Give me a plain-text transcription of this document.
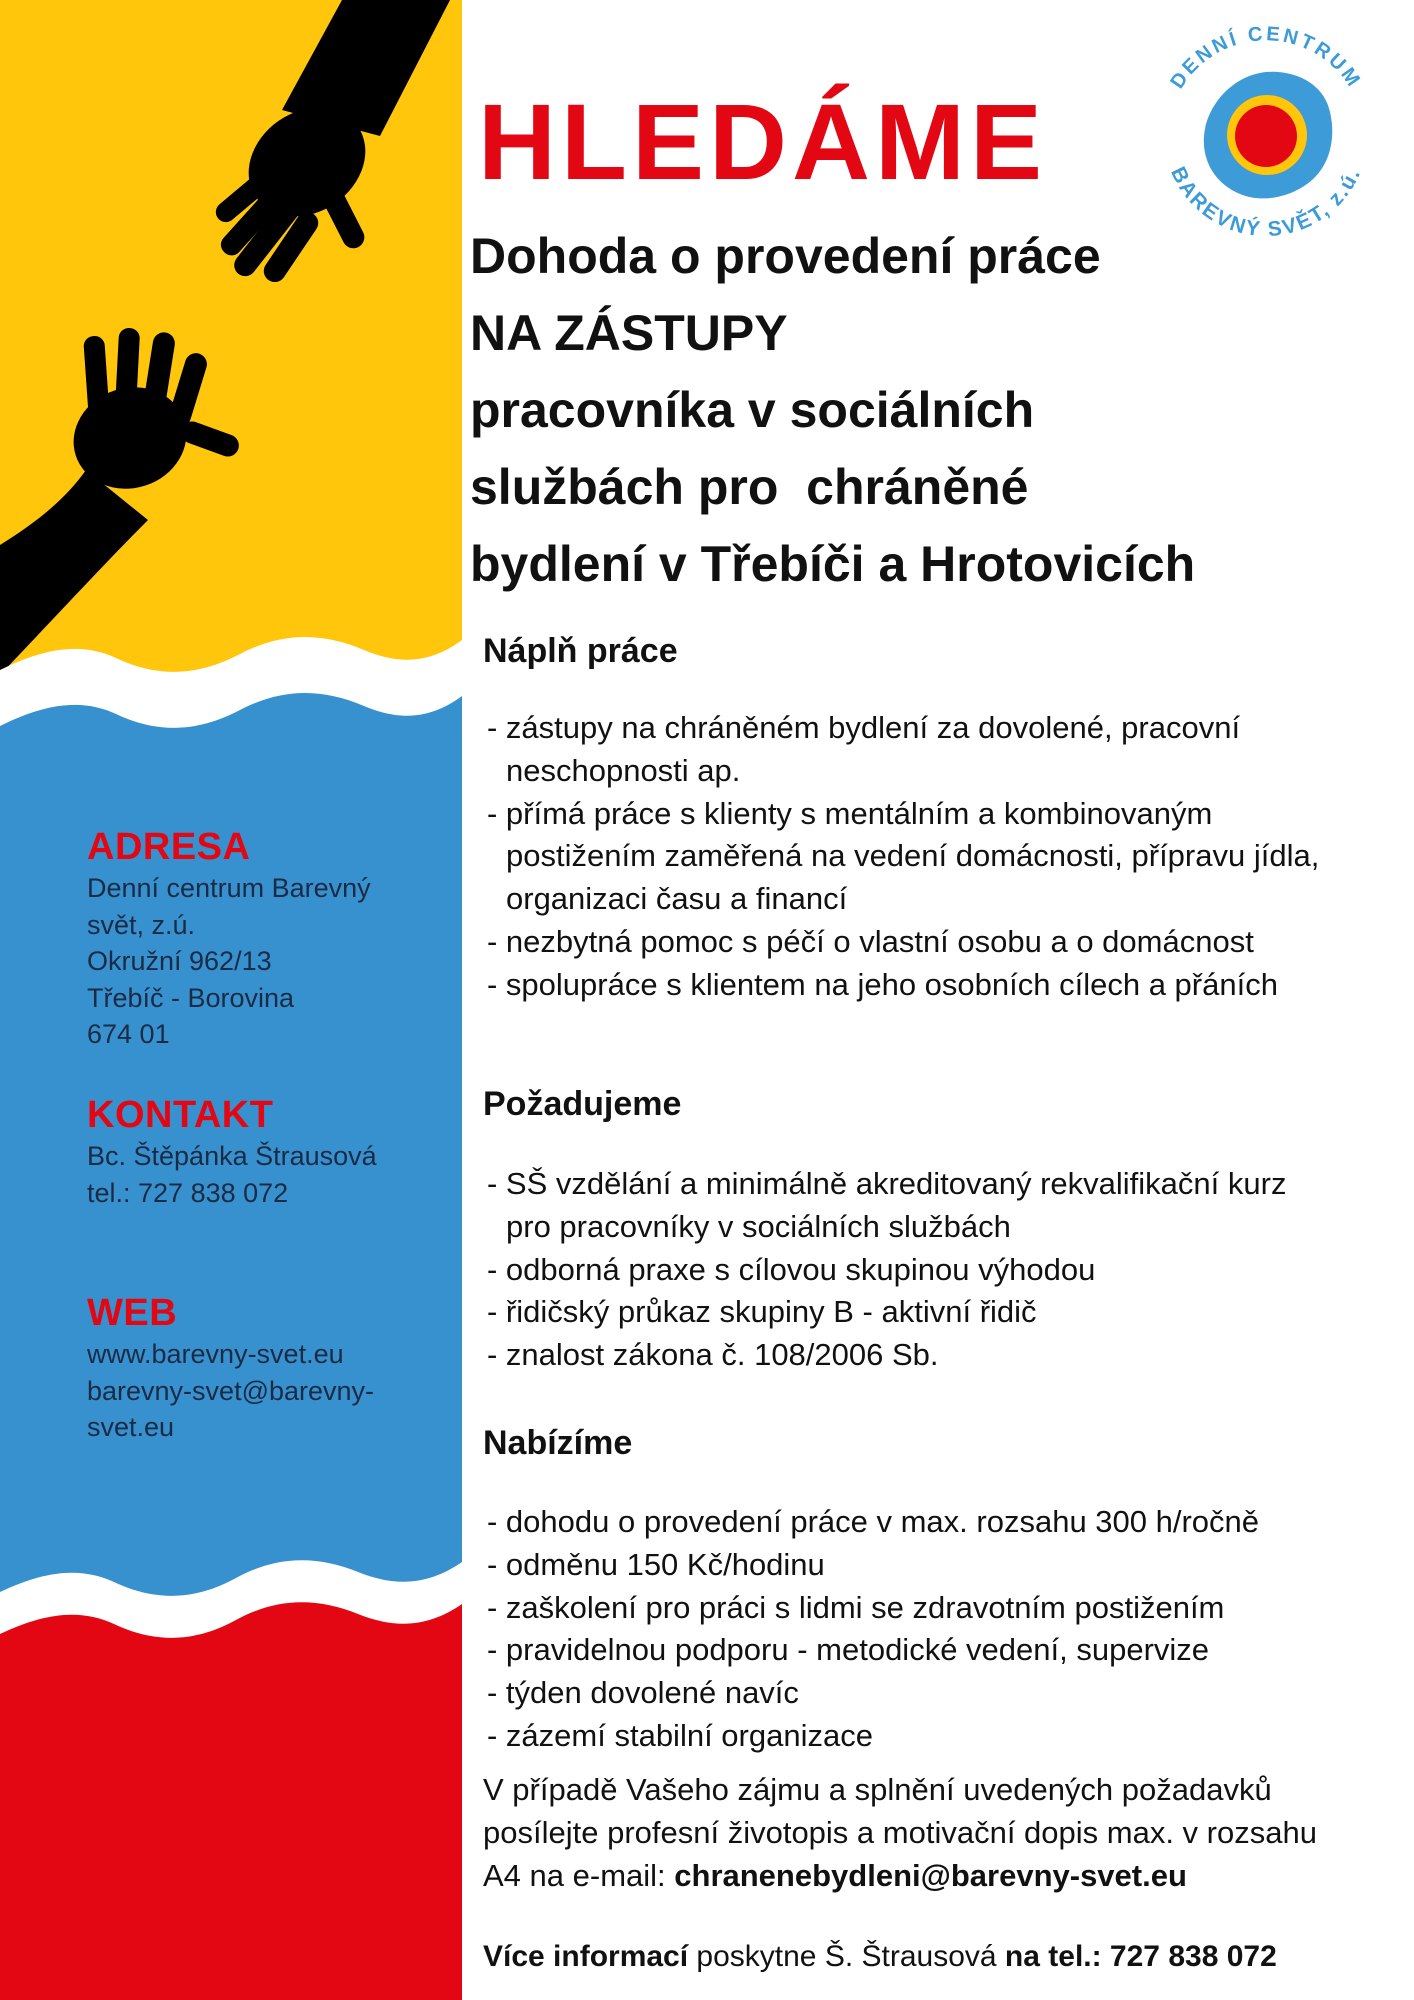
ADRESA
Denní centrum Barevný
svět, z.ú.
Okružní 962/13
Třebíč - Borovina
674 01
KONTAKT
Bc. Štěpánka Štrausová
tel.: 727 838 072
WEB
www.barevny-svet.eu
barevny-svet@barevny-
svet.eu
DENNÍ CENTRUM
BAREVNÝ SVĚT, z.ú.
HLEDÁME
Dohoda o provedení práce
NA ZÁSTUPY
pracovníka v sociálních
službách pro  chráněné
bydlení v Třebíči a Hrotovicích
Náplň práce
- zástupy na chráněném bydlení za dovolené, pracovní
neschopnosti ap.
- přímá práce s klienty s mentálním a kombinovaným
postižením zaměřená na vedení domácnosti, přípravu jídla,
organizaci času a financí
- nezbytná pomoc s péčí o vlastní osobu a o domácnost
- spolupráce s klientem na jeho osobních cílech a přáních
Požadujeme
- SŠ vzdělání a minimálně akreditovaný rekvalifikační kurz
pro pracovníky v sociálních službách
- odborná praxe s cílovou skupinou výhodou
- řidičský průkaz skupiny B - aktivní řidič
- znalost zákona č. 108/2006 Sb.
Nabízíme
- dohodu o provedení práce v max. rozsahu 300 h/ročně
- odměnu 150 Kč/hodinu
- zaškolení pro práci s lidmi se zdravotním postižením
- pravidelnou podporu - metodické vedení, supervize
- týden dovolené navíc
- zázemí stabilní organizace
V případě Vašeho zájmu a splnění uvedených požadavků
posílejte profesní životopis a motivační dopis max. v rozsahu
A4 na e-mail: chranenebydleni@barevny-svet.eu
Více informací poskytne Š. Štrausová na tel.: 727 838 072
